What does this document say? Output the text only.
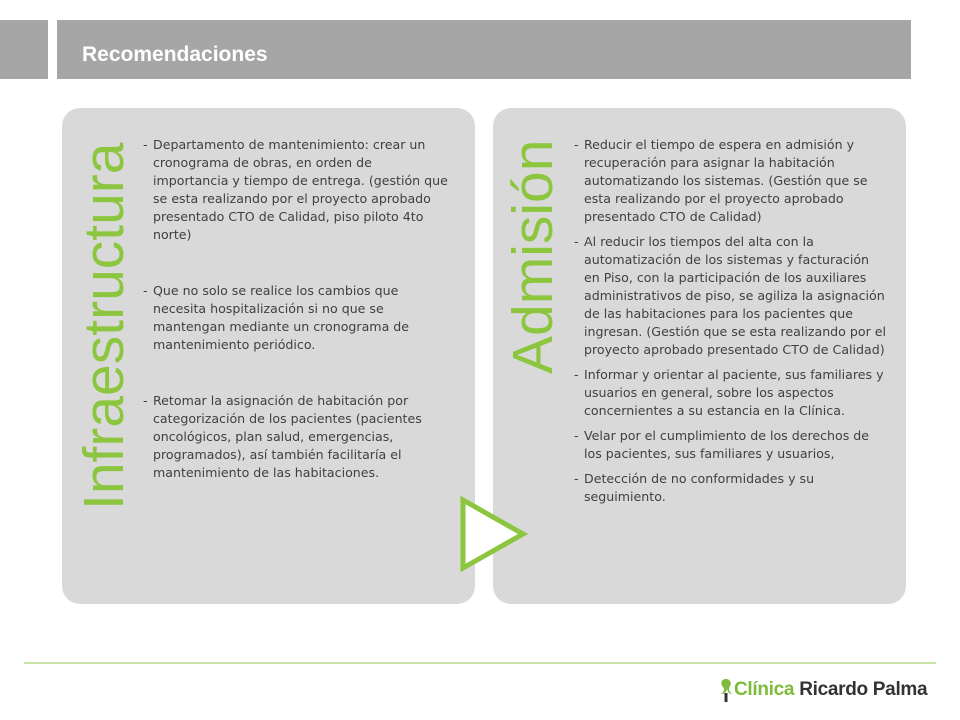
Recomendaciones
Infraestructura	Admisión
- Departamento de mantenimiento: crear un cronograma de obras, en orden de importancia y tiempo de entrega. (gestión que se esta realizando por el proyecto aprobado presentado CTO de Calidad, piso piloto 4to norte)
- Que no solo se realice los cambios que necesita hospitalización si no que se mantengan mediante un cronograma de mantenimiento periódico.
- Retomar la asignación de habitación por categorización de los pacientes (pacientes oncológicos, plan salud, emergencias, programados), así también facilitaría el mantenimiento de las habitaciones.
- Reducir el tiempo de espera en admisión y recuperación para asignar la habitación automatizando los sistemas. (Gestión que se esta realizando por el proyecto aprobado presentado CTO de Calidad)
- Al reducir los tiempos del alta con la automatización de los sistemas y facturación en Piso, con la participación de los auxiliares administrativos de piso, se agiliza la asignación de las habitaciones para los pacientes que ingresan. (Gestión que se esta realizando por el proyecto aprobado presentado CTO de Calidad)
- Informar y orientar al paciente, sus familiares y usuarios en general, sobre los aspectos concernientes a su estancia en la Clínica.
- Velar por el cumplimiento de los derechos de los pacientes, sus familiares y usuarios,
- Detección de no conformidades y su seguimiento.
Clínica Ricardo Palma
